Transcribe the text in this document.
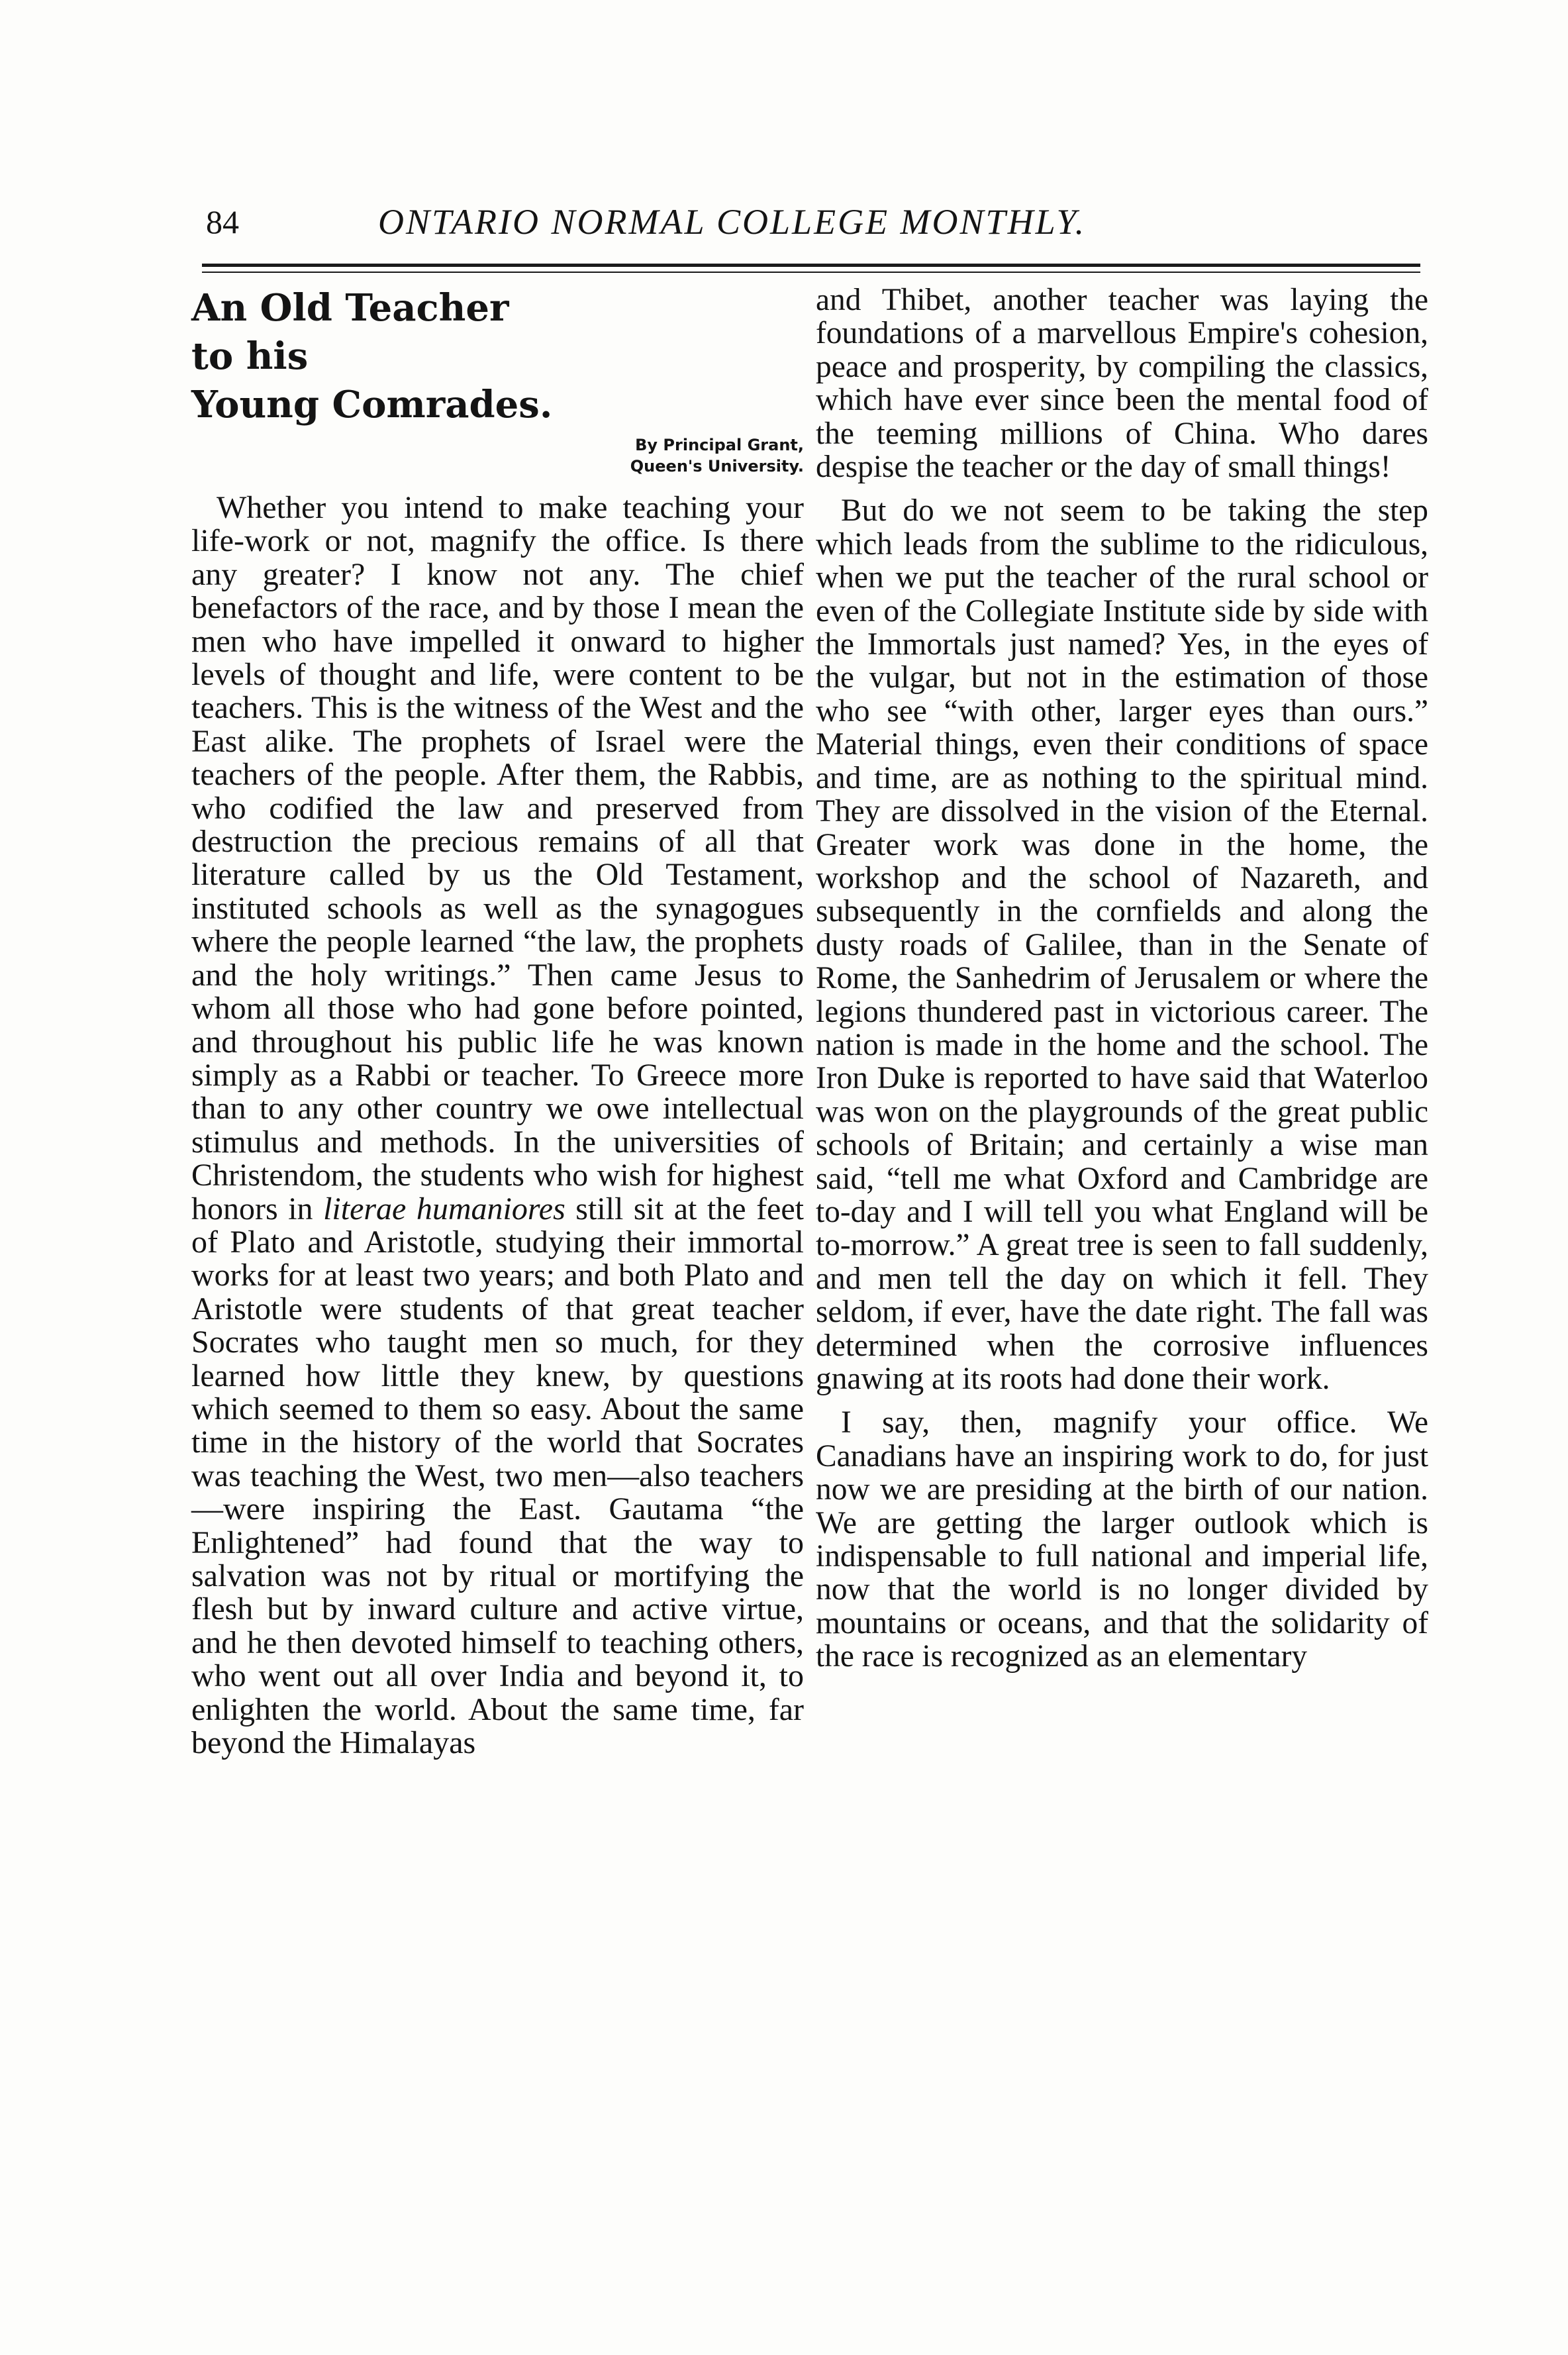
84	ONTARIO NORMAL COLLEGE MONTHLY.
An Old Teacher
to his
Young Comrades.
By Principal Grant,
Queen's University.

Whether you intend to make teaching your life-work or not, magnify the office. Is there any greater? I know not any. The chief benefactors of the race, and by those I mean the men who have impelled it onward to higher levels of thought and life, were content to be teachers. This is the witness of the West and the East alike. The prophets of Israel were the teachers of the people. After them, the Rabbis, who codified the law and preserved from destruction the precious remains of all that literature called by us the Old Testament, instituted schools as well as the synagogues where the people learned “the law, the prophets and the holy writings.” Then came Jesus to whom all those who had gone before pointed, and throughout his public life he was known simply as a Rabbi or teacher. To Greece more than to any other country we owe intellectual stimulus and methods. In the universities of Christendom, the students who wish for highest honors in literae humaniores still sit at the feet of Plato and Aristotle, studying their immortal works for at least two years; and both Plato and Aristotle were students of that great teacher Socrates who taught men so much, for they learned how little they knew, by questions which seemed to them so easy. About the same time in the history of the world that Socrates was teaching the West, two men—also teachers—were inspiring the East. Gautama “the Enlightened” had found that the way to salvation was not by ritual or mortifying the flesh but by inward culture and active virtue, and he then devoted himself to teaching others, who went out all over India and beyond it, to enlighten the world. About the same time, far beyond the Himalayas

and Thibet, another teacher was laying the foundations of a marvellous Empire's cohesion, peace and prosperity, by compiling the classics, which have ever since been the mental food of the teeming millions of China. Who dares despise the teacher or the day of small things!

But do we not seem to be taking the step which leads from the sublime to the ridiculous, when we put the teacher of the rural school or even of the Collegiate Institute side by side with the Immortals just named? Yes, in the eyes of the vulgar, but not in the estimation of those who see “with other, larger eyes than ours.” Material things, even their conditions of space and time, are as nothing to the spiritual mind. They are dissolved in the vision of the Eternal. Greater work was done in the home, the workshop and the school of Nazareth, and subsequently in the cornfields and along the dusty roads of Galilee, than in the Senate of Rome, the Sanhedrim of Jerusalem or where the legions thundered past in victorious career. The nation is made in the home and the school. The Iron Duke is reported to have said that Waterloo was won on the playgrounds of the great public schools of Britain; and certainly a wise man said, “tell me what Oxford and Cambridge are to-day and I will tell you what England will be to-morrow.” A great tree is seen to fall suddenly, and men tell the day on which it fell. They seldom, if ever, have the date right. The fall was determined when the corrosive influences gnawing at its roots had done their work.

I say, then, magnify your office. We Canadians have an inspiring work to do, for just now we are presiding at the birth of our nation. We are getting the larger outlook which is indispensable to full national and imperial life, now that the world is no longer divided by mountains or oceans, and that the solidarity of the race is recognized as an elementary
